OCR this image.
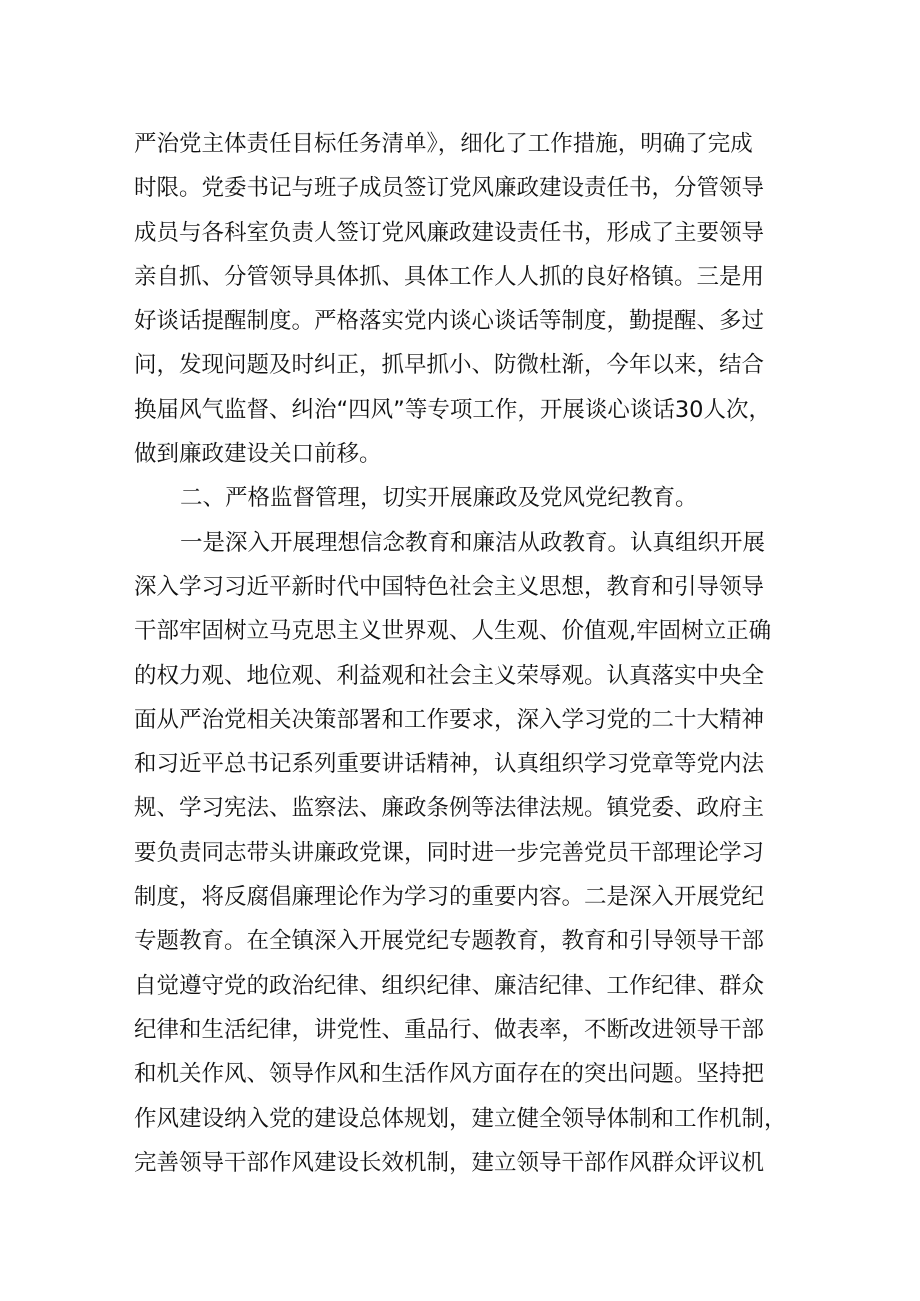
严治党主体责任目标任务清单》，细化了工作措施，明确了完成
时限。党委书记与班子成员签订党风廉政建设责任书，分管领导
成员与各科室负责人签订党风廉政建设责任书，形成了主要领导
亲自抓、分管领导具体抓、具体工作人人抓的良好格镇。三是用
好谈话提醒制度。严格落实党内谈心谈话等制度，勤提醒、多过
问，发现问题及时纠正，抓早抓小、防微杜渐，今年以来，结合
换届风气监督、纠治“四风”等专项工作，开展谈心谈话30人次，
做到廉政建设关口前移。
二、严格监督管理，切实开展廉政及党风党纪教育。
一是深入开展理想信念教育和廉洁从政教育。认真组织开展
深入学习习近平新时代中国特色社会主义思想，教育和引导领导
干部牢固树立马克思主义世界观、人生观、价值观,牢固树立正确
的权力观、地位观、利益观和社会主义荣辱观。认真落实中央全
面从严治党相关决策部署和工作要求，深入学习党的二十大精神
和习近平总书记系列重要讲话精神，认真组织学习党章等党内法
规、学习宪法、监察法、廉政条例等法律法规。镇党委、政府主
要负责同志带头讲廉政党课，同时进一步完善党员干部理论学习
制度，将反腐倡廉理论作为学习的重要内容。二是深入开展党纪
专题教育。在全镇深入开展党纪专题教育，教育和引导领导干部
自觉遵守党的政治纪律、组织纪律、廉洁纪律、工作纪律、群众
纪律和生活纪律，讲党性、重品行、做表率，不断改进领导干部
和机关作风、领导作风和生活作风方面存在的突出问题。坚持把
作风建设纳入党的建设总体规划，建立健全领导体制和工作机制，
完善领导干部作风建设长效机制，建立领导干部作风群众评议机
